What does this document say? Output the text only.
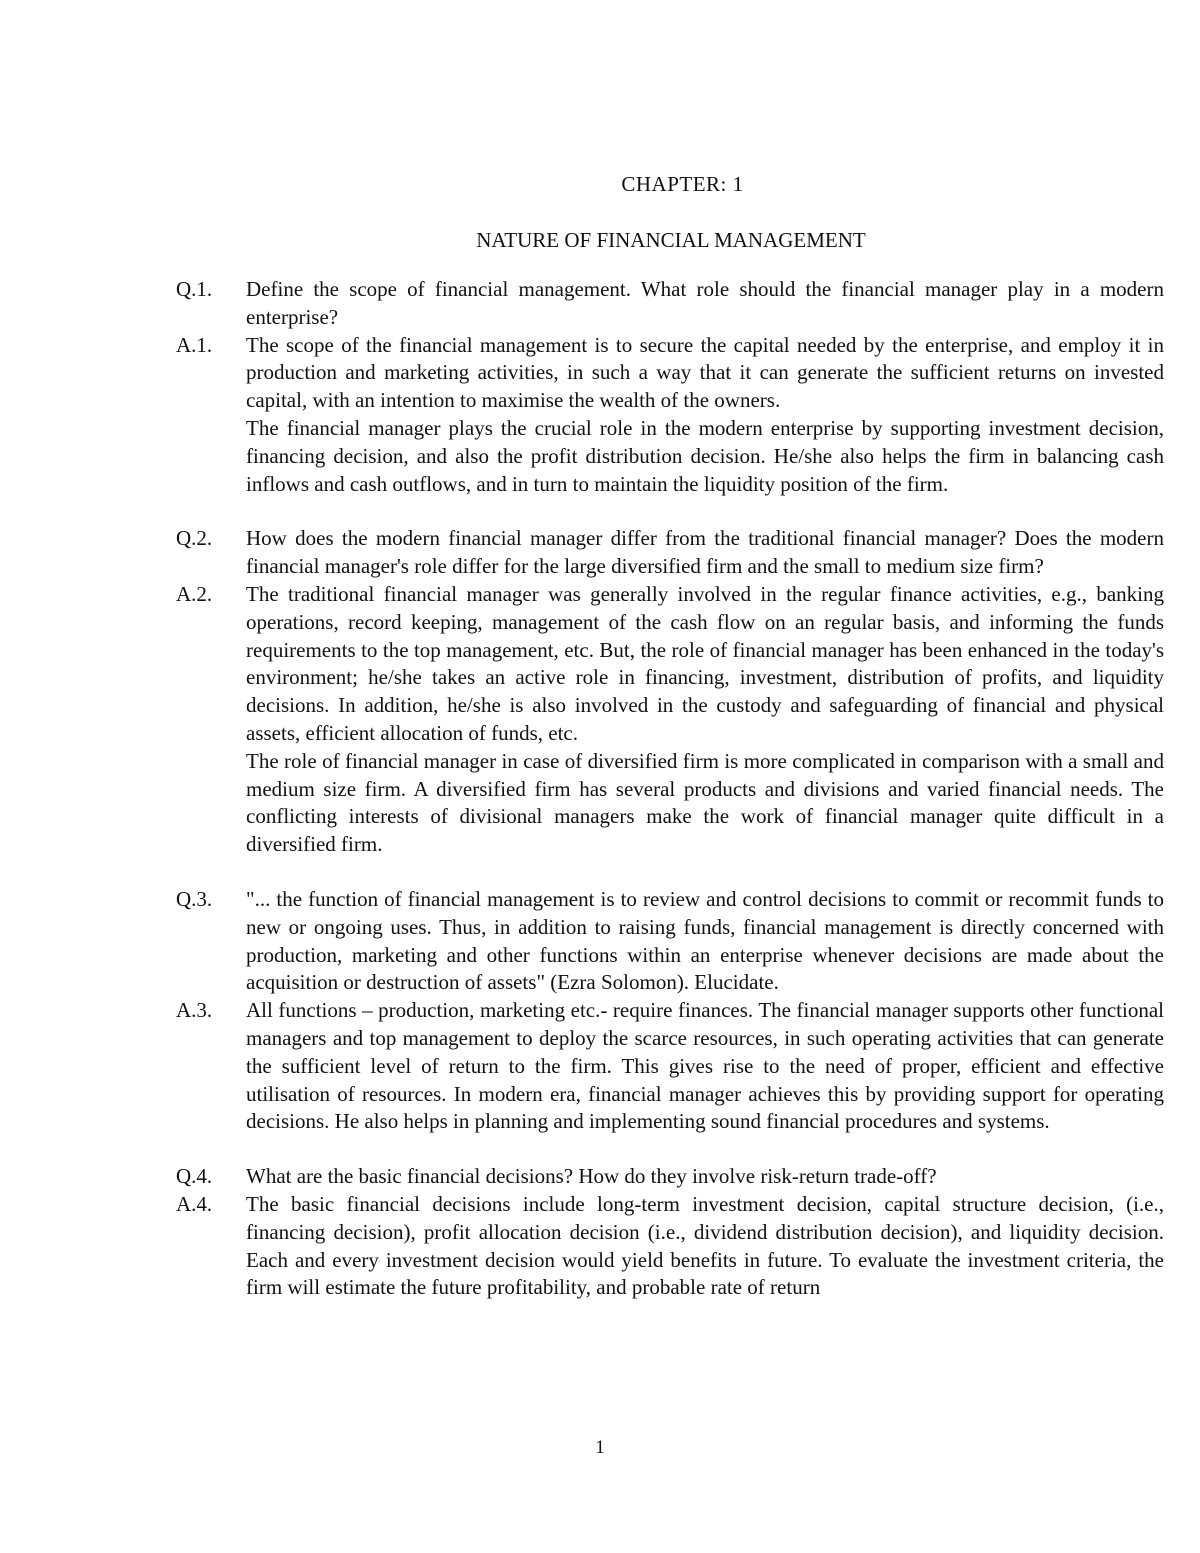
CHAPTER: 1
NATURE OF FINANCIAL MANAGEMENT
Q.1.	Define the scope of financial management. What role should the financial manager play in a modern enterprise?

A.1.	The scope of the financial management is to secure the capital needed by the enterprise, and employ it in production and marketing activities, in such a way that it can generate the sufficient returns on invested capital, with an intention to maximise the wealth of the owners.

The financial manager plays the crucial role in the modern enterprise by supporting investment decision, financing decision, and also the profit distribution decision. He/she also helps the firm in balancing cash inflows and cash outflows, and in turn to maintain the liquidity position of the firm.

Q.2.	How does the modern financial manager differ from the traditional financial manager? Does the modern financial manager's role differ for the large diversified firm and the small to medium size firm?

A.2.	The traditional financial manager was generally involved in the regular finance activities, e.g., banking operations, record keeping, management of the cash flow on an regular basis, and informing the funds requirements to the top management, etc. But, the role of financial manager has been enhanced in the today's environment; he/she takes an active role in financing, investment, distribution of profits, and liquidity decisions. In addition, he/she is also involved in the custody and safeguarding of financial and physical assets, efficient allocation of funds, etc.

The role of financial manager in case of diversified firm is more complicated in comparison with a small and medium size firm. A diversified firm has several products and divisions and varied financial needs. The conflicting interests of divisional managers make the work of financial manager quite difficult in a diversified firm.

Q.3.	"... the function of financial management is to review and control decisions to commit or recommit funds to new or ongoing uses. Thus, in addition to raising funds, financial management is directly concerned with production, marketing and other functions within an enterprise whenever decisions are made about the acquisition or destruction of assets" (Ezra Solomon). Elucidate.

A.3.	All functions – production, marketing etc.- require finances. The financial manager supports other functional managers and top management to deploy the scarce resources, in such operating activities that can generate the sufficient level of return to the firm. This gives rise to the need of proper, efficient and effective utilisation of resources. In modern era, financial manager achieves this by providing support for operating decisions. He also helps in planning and implementing sound financial procedures and systems.

Q.4.	What are the basic financial decisions? How do they involve risk-return trade-off?

A.4.	The basic financial decisions include long-term investment decision, capital structure decision, (i.e., financing decision), profit allocation decision (i.e., dividend distribution decision), and liquidity decision. Each and every investment decision would yield benefits in future. To evaluate the investment criteria, the firm will estimate the future profitability, and probable rate of return

1
